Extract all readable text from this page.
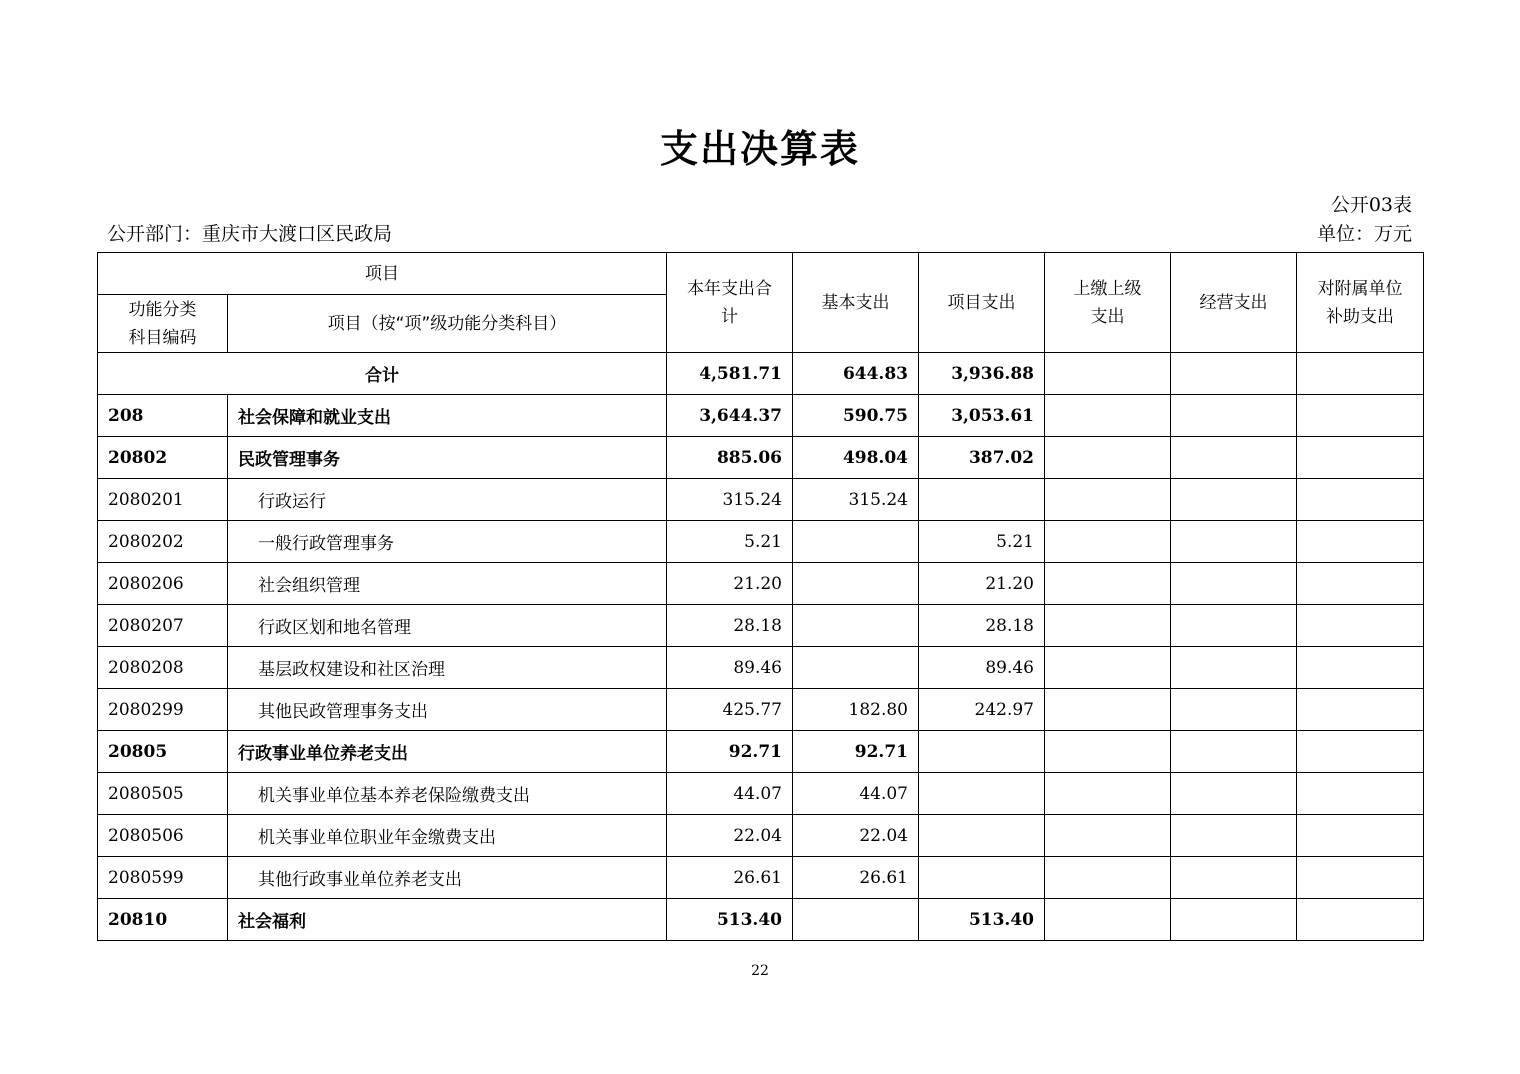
支出决算表
公开03表
公开部门：重庆市大渡口区民政局	单位：万元
项目		本年支出合计	基本支出	项目支出	上缴上级支出	经营支出	对附属单位补助支出

功能分类科目编码	项目（按“项”级功能分类科目）						

合计		4,581.71	644.83	3,936.88			
208	社会保障和就业支出	3,644.37	590.75	3,053.61			
20802	民政管理事务	885.06	498.04	387.02			
2080201	行政运行	315.24	315.24				
2080202	一般行政管理事务	5.21		5.21			
2080206	社会组织管理	21.20		21.20			
2080207	行政区划和地名管理	28.18		28.18			
2080208	基层政权建设和社区治理	89.46		89.46			
2080299	其他民政管理事务支出	425.77	182.80	242.97			
20805	行政事业单位养老支出	92.71	92.71				
2080505	机关事业单位基本养老保险缴费支出	44.07	44.07				
2080506	机关事业单位职业年金缴费支出	22.04	22.04				
2080599	其他行政事业单位养老支出	26.61	26.61				
20810	社会福利	513.40		513.40			
22
